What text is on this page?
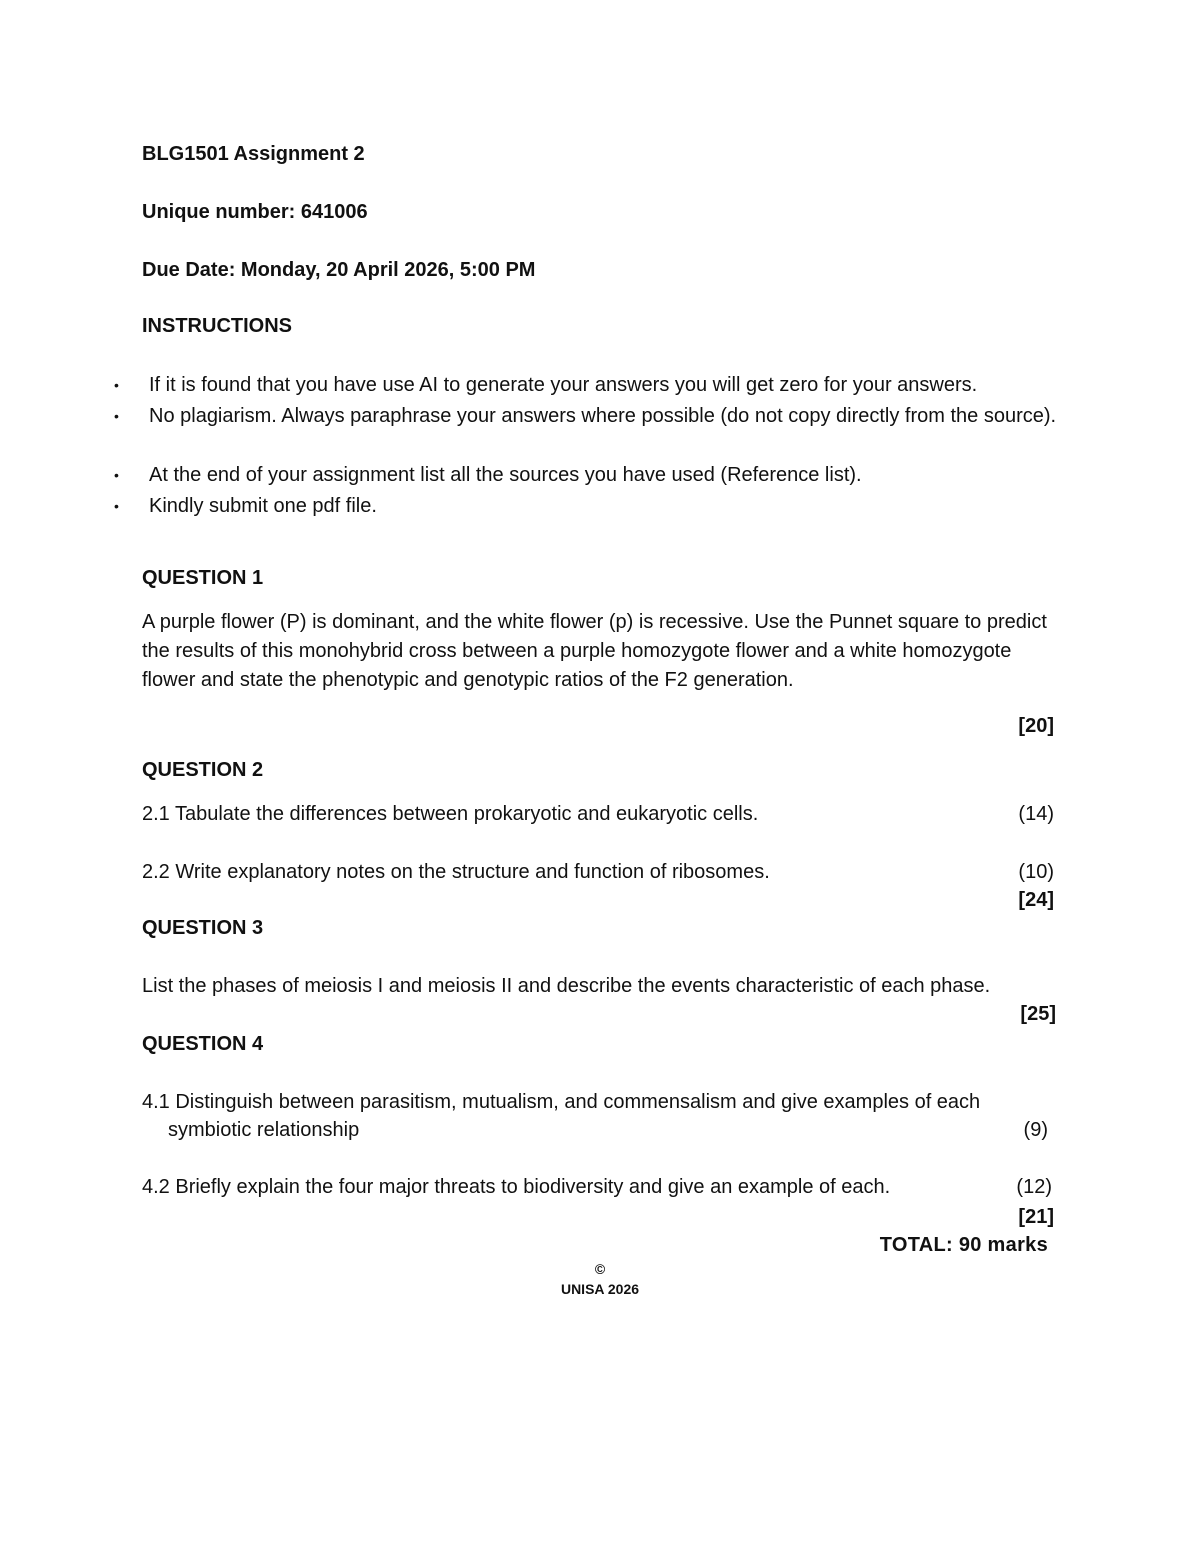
BLG1501 Assignment 2
Unique number: 641006
Due Date: Monday, 20 April 2026, 5:00 PM
INSTRUCTIONS
• If it is found that you have use AI to generate your answers you will get zero for your answers.
• No plagiarism. Always paraphrase your answers where possible (do not copy directly from the source).
• At the end of your assignment list all the sources you have used (Reference list).
• Kindly submit one pdf file.
QUESTION 1
A purple flower (P) is dominant, and the white flower (p) is recessive. Use the Punnet square to predict the results of this monohybrid cross between a purple homozygote flower and a white homozygote flower and state the phenotypic and genotypic ratios of the F2 generation.
[20]
QUESTION 2
2.1 Tabulate the differences between prokaryotic and eukaryotic cells.	(14)
2.2 Write explanatory notes on the structure and function of ribosomes.	(10)
[24]
QUESTION 3
List the phases of meiosis I and meiosis II and describe the events characteristic of each phase.
[25]
QUESTION 4
4.1 Distinguish between parasitism, mutualism, and commensalism and give examples of each
symbiotic relationship	(9)
4.2 Briefly explain the four major threats to biodiversity and give an example of each.	(12)
[21]
TOTAL: 90 marks
©
UNISA 2026
